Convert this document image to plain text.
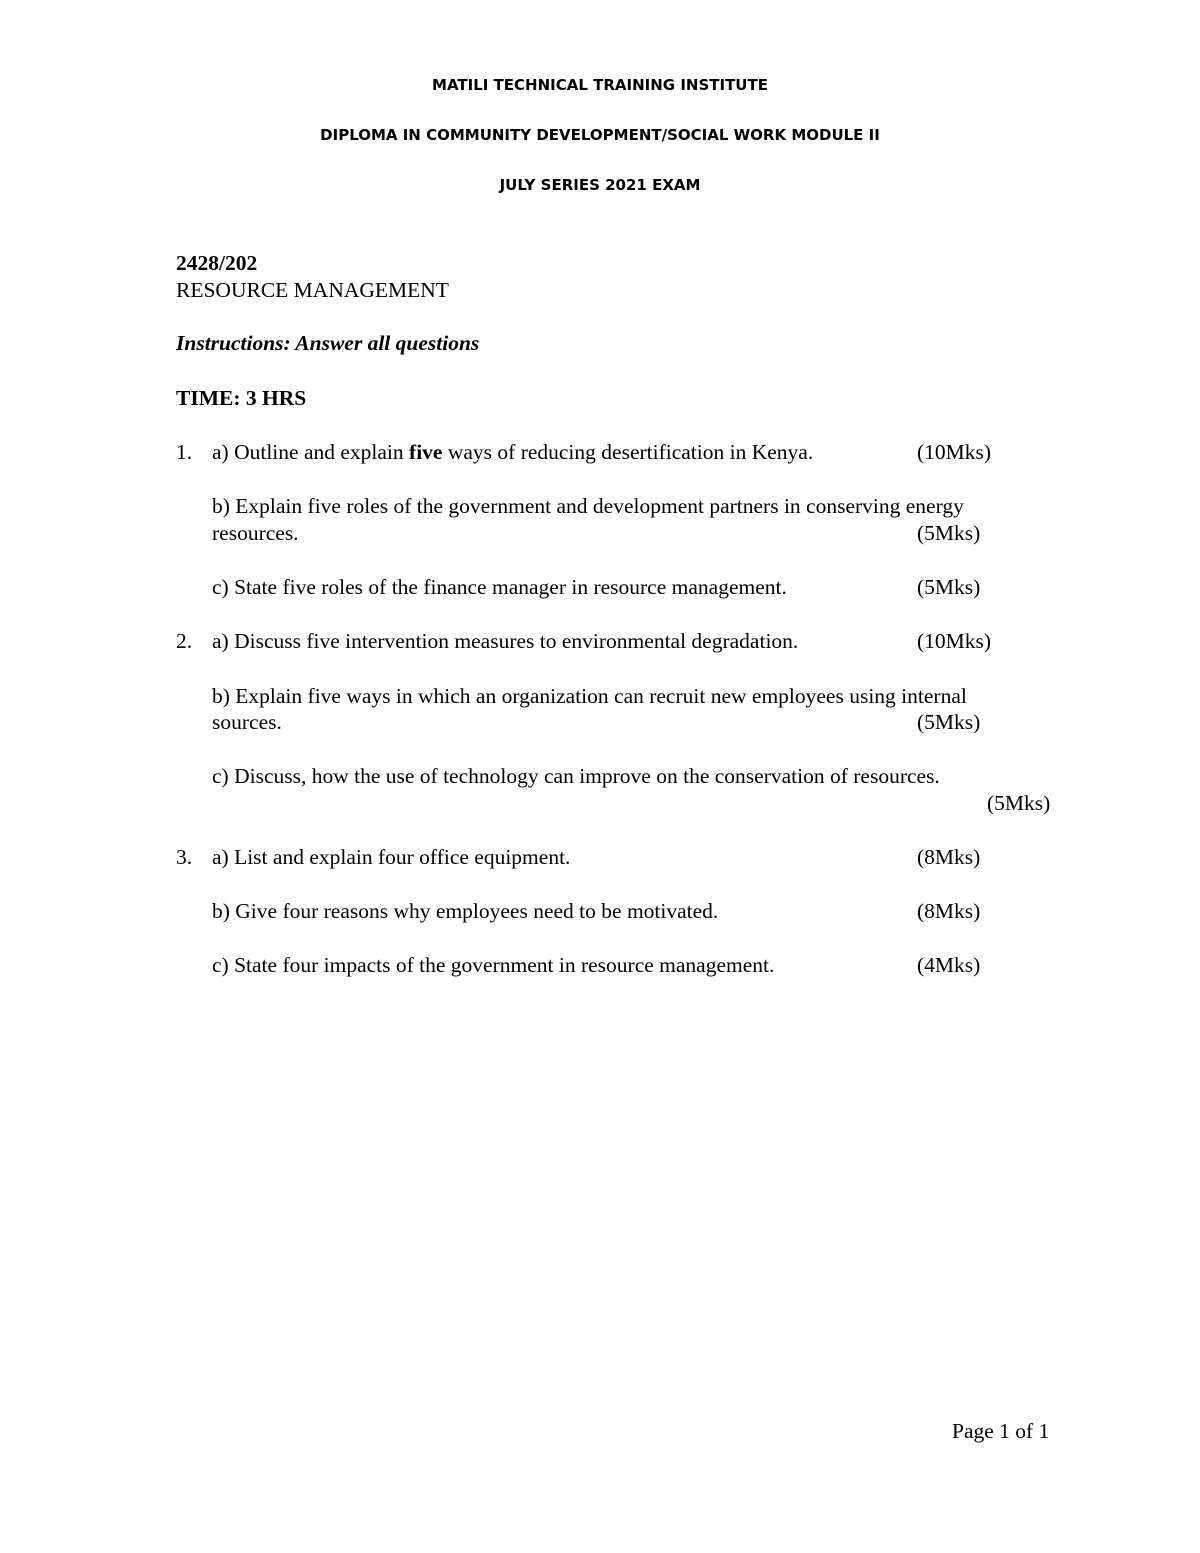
MATILI TECHNICAL TRAINING INSTITUTE
DIPLOMA IN COMMUNITY DEVELOPMENT/SOCIAL WORK MODULE II
JULY SERIES 2021 EXAM
2428/202
RESOURCE MANAGEMENT
Instructions: Answer all questions
TIME: 3 HRS
1. a) Outline and explain five ways of reducing desertification in Kenya.	(10Mks)
b) Explain five roles of the government and development partners in conserving energy
resources.	(5Mks)
c) State five roles of the finance manager in resource management.	(5Mks)
2. a) Discuss five intervention measures to environmental degradation.	(10Mks)
b) Explain five ways in which an organization can recruit new employees using internal
sources.	(5Mks)
c) Discuss, how the use of technology can improve on the conservation of resources.
(5Mks)
3. a) List and explain four office equipment.	(8Mks)
b) Give four reasons why employees need to be motivated.	(8Mks)
c) State four impacts of the government in resource management.	(4Mks)
Page 1 of 1
